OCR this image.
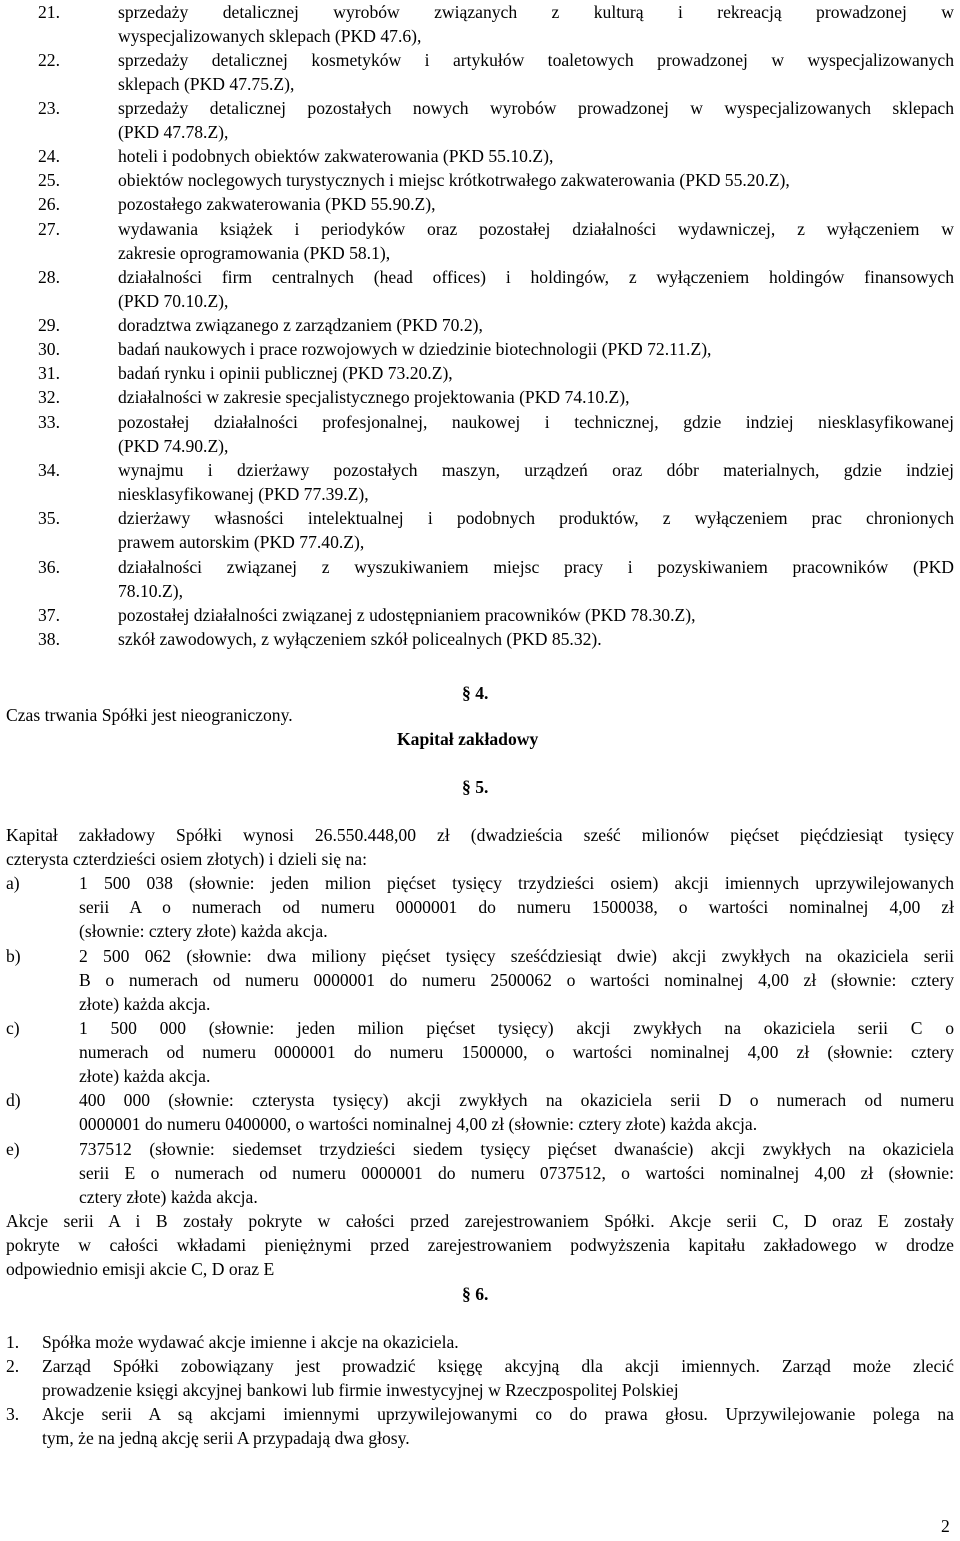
21.	sprzedaży detalicznej wyrobów związanych z kulturą i rekreacją prowadzonej w
wyspecjalizowanych sklepach (PKD 47.6),
22.	sprzedaży detalicznej kosmetyków i artykułów toaletowych prowadzonej w wyspecjalizowanych
sklepach (PKD 47.75.Z),
23.	sprzedaży detalicznej pozostałych nowych wyrobów prowadzonej w wyspecjalizowanych sklepach
(PKD 47.78.Z),
24.	hoteli i podobnych obiektów zakwaterowania (PKD 55.10.Z),
25.	obiektów noclegowych turystycznych i miejsc krótkotrwałego zakwaterowania (PKD 55.20.Z),
26.	pozostałego zakwaterowania (PKD 55.90.Z),
27.	wydawania książek i periodyków oraz pozostałej działalności wydawniczej, z wyłączeniem w
zakresie oprogramowania (PKD 58.1),
28.	działalności firm centralnych (head offices) i holdingów, z wyłączeniem holdingów finansowych
(PKD 70.10.Z),
29.	doradztwa związanego z zarządzaniem (PKD 70.2),
30.	badań naukowych i prace rozwojowych w dziedzinie biotechnologii (PKD 72.11.Z),
31.	badań rynku i opinii publicznej (PKD 73.20.Z),
32.	działalności w zakresie specjalistycznego projektowania (PKD 74.10.Z),
33.	pozostałej działalności profesjonalnej, naukowej i technicznej, gdzie indziej niesklasyfikowanej
(PKD 74.90.Z),
34.	wynajmu i dzierżawy pozostałych maszyn, urządzeń oraz dóbr materialnych, gdzie indziej
niesklasyfikowanej (PKD 77.39.Z),
35.	dzierżawy własności intelektualnej i podobnych produktów, z wyłączeniem prac chronionych
prawem autorskim (PKD 77.40.Z),
36.	działalności związanej z wyszukiwaniem miejsc pracy i pozyskiwaniem pracowników (PKD
78.10.Z),
37.	pozostałej działalności związanej z udostępnianiem pracowników (PKD 78.30.Z),
38.	szkół zawodowych, z wyłączeniem szkół policealnych (PKD 85.32).
§ 4.
Czas trwania Spółki jest nieograniczony.
Kapitał zakładowy
§ 5.
Kapitał zakładowy Spółki wynosi 26.550.448,00 zł (dwadzieścia sześć milionów pięćset pięćdziesiąt tysięcy
czterysta czterdzieści osiem złotych) i dzieli się na:
a)	1 500 038 (słownie: jeden milion pięćset tysięcy trzydzieści osiem) akcji imiennych uprzywilejowanych
serii A o numerach od numeru 0000001 do numeru 1500038, o wartości nominalnej 4,00 zł
(słownie: cztery złote) każda akcja.
b)	2 500 062 (słownie: dwa miliony pięćset tysięcy sześćdziesiąt dwie) akcji zwykłych na okaziciela serii
B o numerach od numeru 0000001 do numeru 2500062 o wartości nominalnej 4,00 zł (słownie: cztery
złote) każda akcja.
c)	1 500 000 (słownie: jeden milion pięćset tysięcy) akcji zwykłych na okaziciela serii C o
numerach od numeru 0000001 do numeru 1500000, o wartości nominalnej 4,00 zł (słownie: cztery
złote) każda akcja.
d)	400 000 (słownie: czterysta tysięcy) akcji zwykłych na okaziciela serii D o numerach od numeru
0000001 do numeru 0400000, o wartości nominalnej 4,00 zł (słownie: cztery złote) każda akcja.
e)	737512 (słownie: siedemset trzydzieści siedem tysięcy pięćset dwanaście) akcji zwykłych na okaziciela
serii E o numerach od numeru 0000001 do numeru 0737512, o wartości nominalnej 4,00 zł (słownie:
cztery złote) każda akcja.
Akcje serii A i B zostały pokryte w całości przed zarejestrowaniem Spółki. Akcje serii C, D oraz E zostały
pokryte w całości wkładami pieniężnymi przed zarejestrowaniem podwyższenia kapitału zakładowego w drodze
odpowiednio emisji akcie C, D oraz E
§ 6.
1. Spółka może wydawać akcje imienne i akcje na okaziciela.
2. Zarząd Spółki zobowiązany jest prowadzić księgę akcyjną dla akcji imiennych. Zarząd może zlecić
prowadzenie księgi akcyjnej bankowi lub firmie inwestycyjnej w Rzeczpospolitej Polskiej
3. Akcje serii A są akcjami imiennymi uprzywilejowanymi co do prawa głosu. Uprzywilejowanie polega na
tym, że na jedną akcję serii A przypadają dwa głosy.
2
